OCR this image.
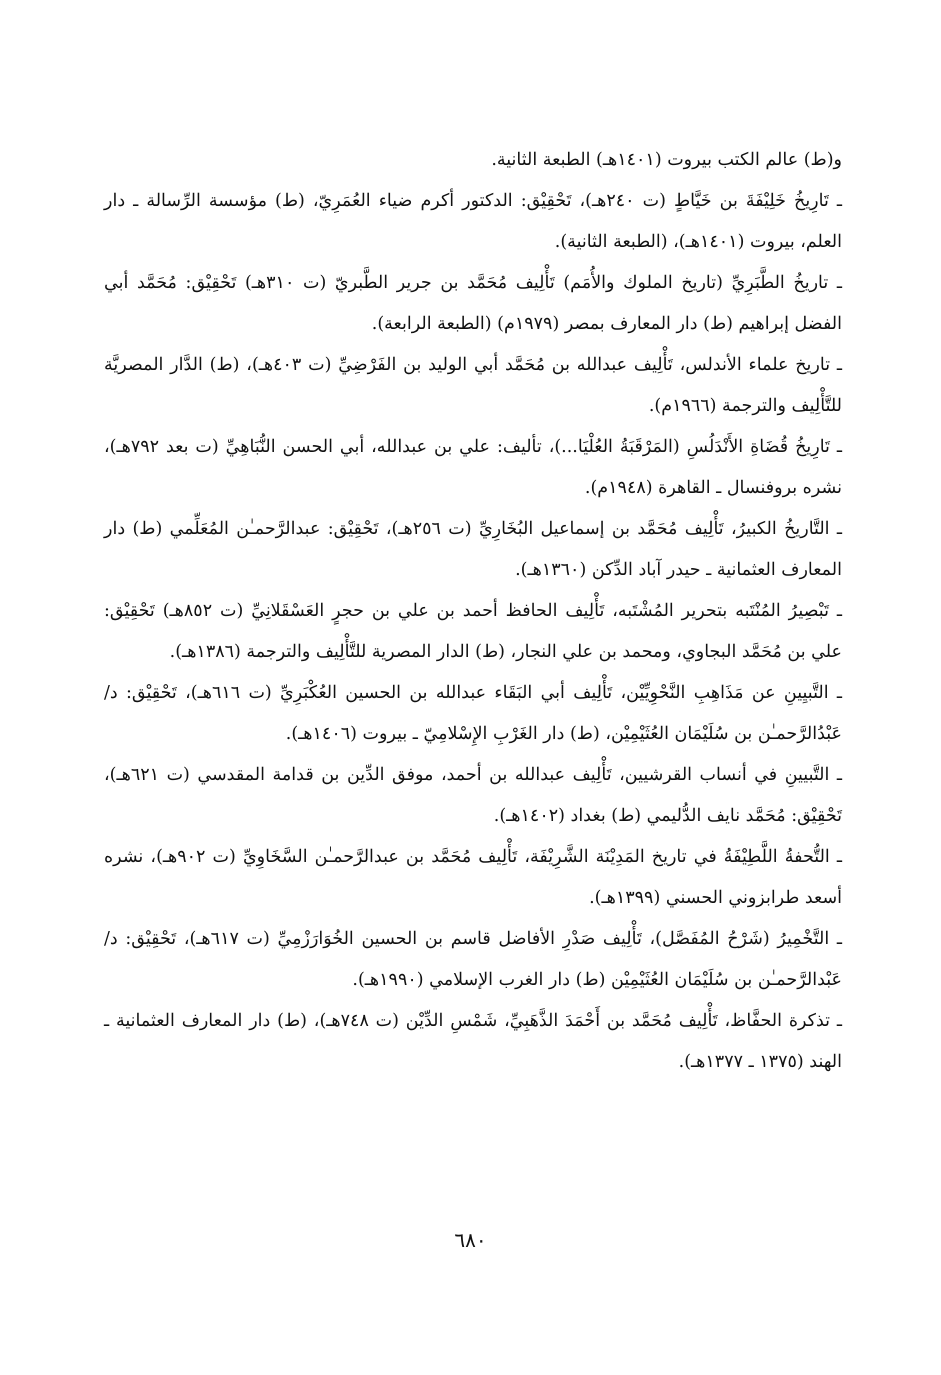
و(ط) عالم الكتب بيروت (١٤٠١هـ) الطبعة الثانية.

ـ تَارِيخُ خَلِيْفَةَ بن خَيَّاطٍ (ت ٢٤٠هـ)، تَحْقِيْق: الدكتور أكرم ضياء العُمَرِيّ، (ط) مؤسسة الرِّسالة ـ دار العلم، بيروت (١٤٠١هـ)، (الطبعة الثانية).

ـ تاريخُ الطَّبَرِيِّ (تاريخ الملوك والأُمَم) تَأْلِيف مُحَمَّد بن جرير الطَّبريّ (ت ٣١٠هـ) تَحْقِيْق: مُحَمَّد أبي الفضل إبراهيم (ط) دار المعارف بمصر (١٩٧٩م) (الطبعة الرابعة).

ـ تاريخ علماء الأندلس، تَأْلِيف عبدالله بن مُحَمَّد أبي الوليد بن الفَرْضِيِّ (ت ٤٠٣هـ)، (ط) الدَّار المصريَّة للتَّأْلِيف والترجمة (١٩٦٦م).

ـ تَارِيخُ قُضَاةِ الأَنْدَلُسِ (المَرْقَبَةُ العُلْيَا...)، تأليف: علي بن عبدالله، أبي الحسن النُّبَاهِيِّ (ت بعد ٧٩٢هـ)، نشره بروفنسال ـ القاهرة (١٩٤٨م).

ـ التَّاريخُ الكبيرُ، تَأْلِيف مُحَمَّد بن إسماعيل البُخَارِيِّ (ت ٢٥٦هـ)، تَحْقِيْق: عبدالرَّحمـٰن المُعَلِّمي (ط) دار المعارف العثمانية ـ حيدر آباد الدِّكن (١٣٦٠هـ).

ـ تَبْصِيرُ المُنْتَبه بتحرير المُشْتَبه، تَأْلِيف الحافظ أحمد بن علي بن حجرٍ العَسْقَلانِيِّ (ت ٨٥٢هـ) تَحْقِيْق: علي بن مُحَمَّد البجاوي، ومحمد بن علي النجار، (ط) الدار المصرية للتَّأْلِيف والترجمة (١٣٨٦هـ).

ـ التَّبيِينِ عن مَذَاهِبِ النَّحْوِيِّيْن، تَأْلِيف أبي البَقَاء عبدالله بن الحسين العُكْبَرِيِّ (ت ٦١٦هـ)، تَحْقِيْق: د/ عَبْدُالرَّحمـٰن بن سُلَيْمَان العُثَيْمِيْن، (ط) دار الغَرْبِ الإِسْلامِيّ ـ بيروت (١٤٠٦هـ).

ـ التَّبيينِ في أنساب القرشيين، تَأْلِيف عبدالله بن أحمد، موفق الدِّين بن قدامة المقدسي (ت ٦٢١هـ)، تَحْقِيْق: مُحَمَّد نايف الدُّليمي (ط) بغداد (١٤٠٢هـ).

ـ التُّحفةُ اللَّطِيْفَةُ في تاريخ المَدِيْنَة الشَّرِيْفَة، تَأْلِيف مُحَمَّد بن عبدالرَّحمـٰن السَّخَاوِيِّ (ت ٩٠٢هـ)، نشره أسعد طرابزوني الحسني (١٣٩٩هـ).

ـ التَّخْمِيرُ (شَرْحُ المُفَصَّل)، تَأْلِيف صَدْرِ الأفاضل قاسم بن الحسين الخُوَارَزْمِيِّ (ت ٦١٧هـ)، تَحْقِيْق: د/ عَبْدالرَّحمـٰن بن سُلَيْمَان العُثَيْمِيْن (ط) دار الغرب الإسلامي (١٩٩٠هـ).

ـ تذكرة الحفَّاظ، تَأْلِيف مُحَمَّد بن أَحْمَدَ الذَّهَبِيِّ، شَمْسِ الدِّيْن (ت ٧٤٨هـ)، (ط) دار المعارف العثمانية ـ الهند (١٣٧٥ ـ ١٣٧٧هـ).

٦٨٠
